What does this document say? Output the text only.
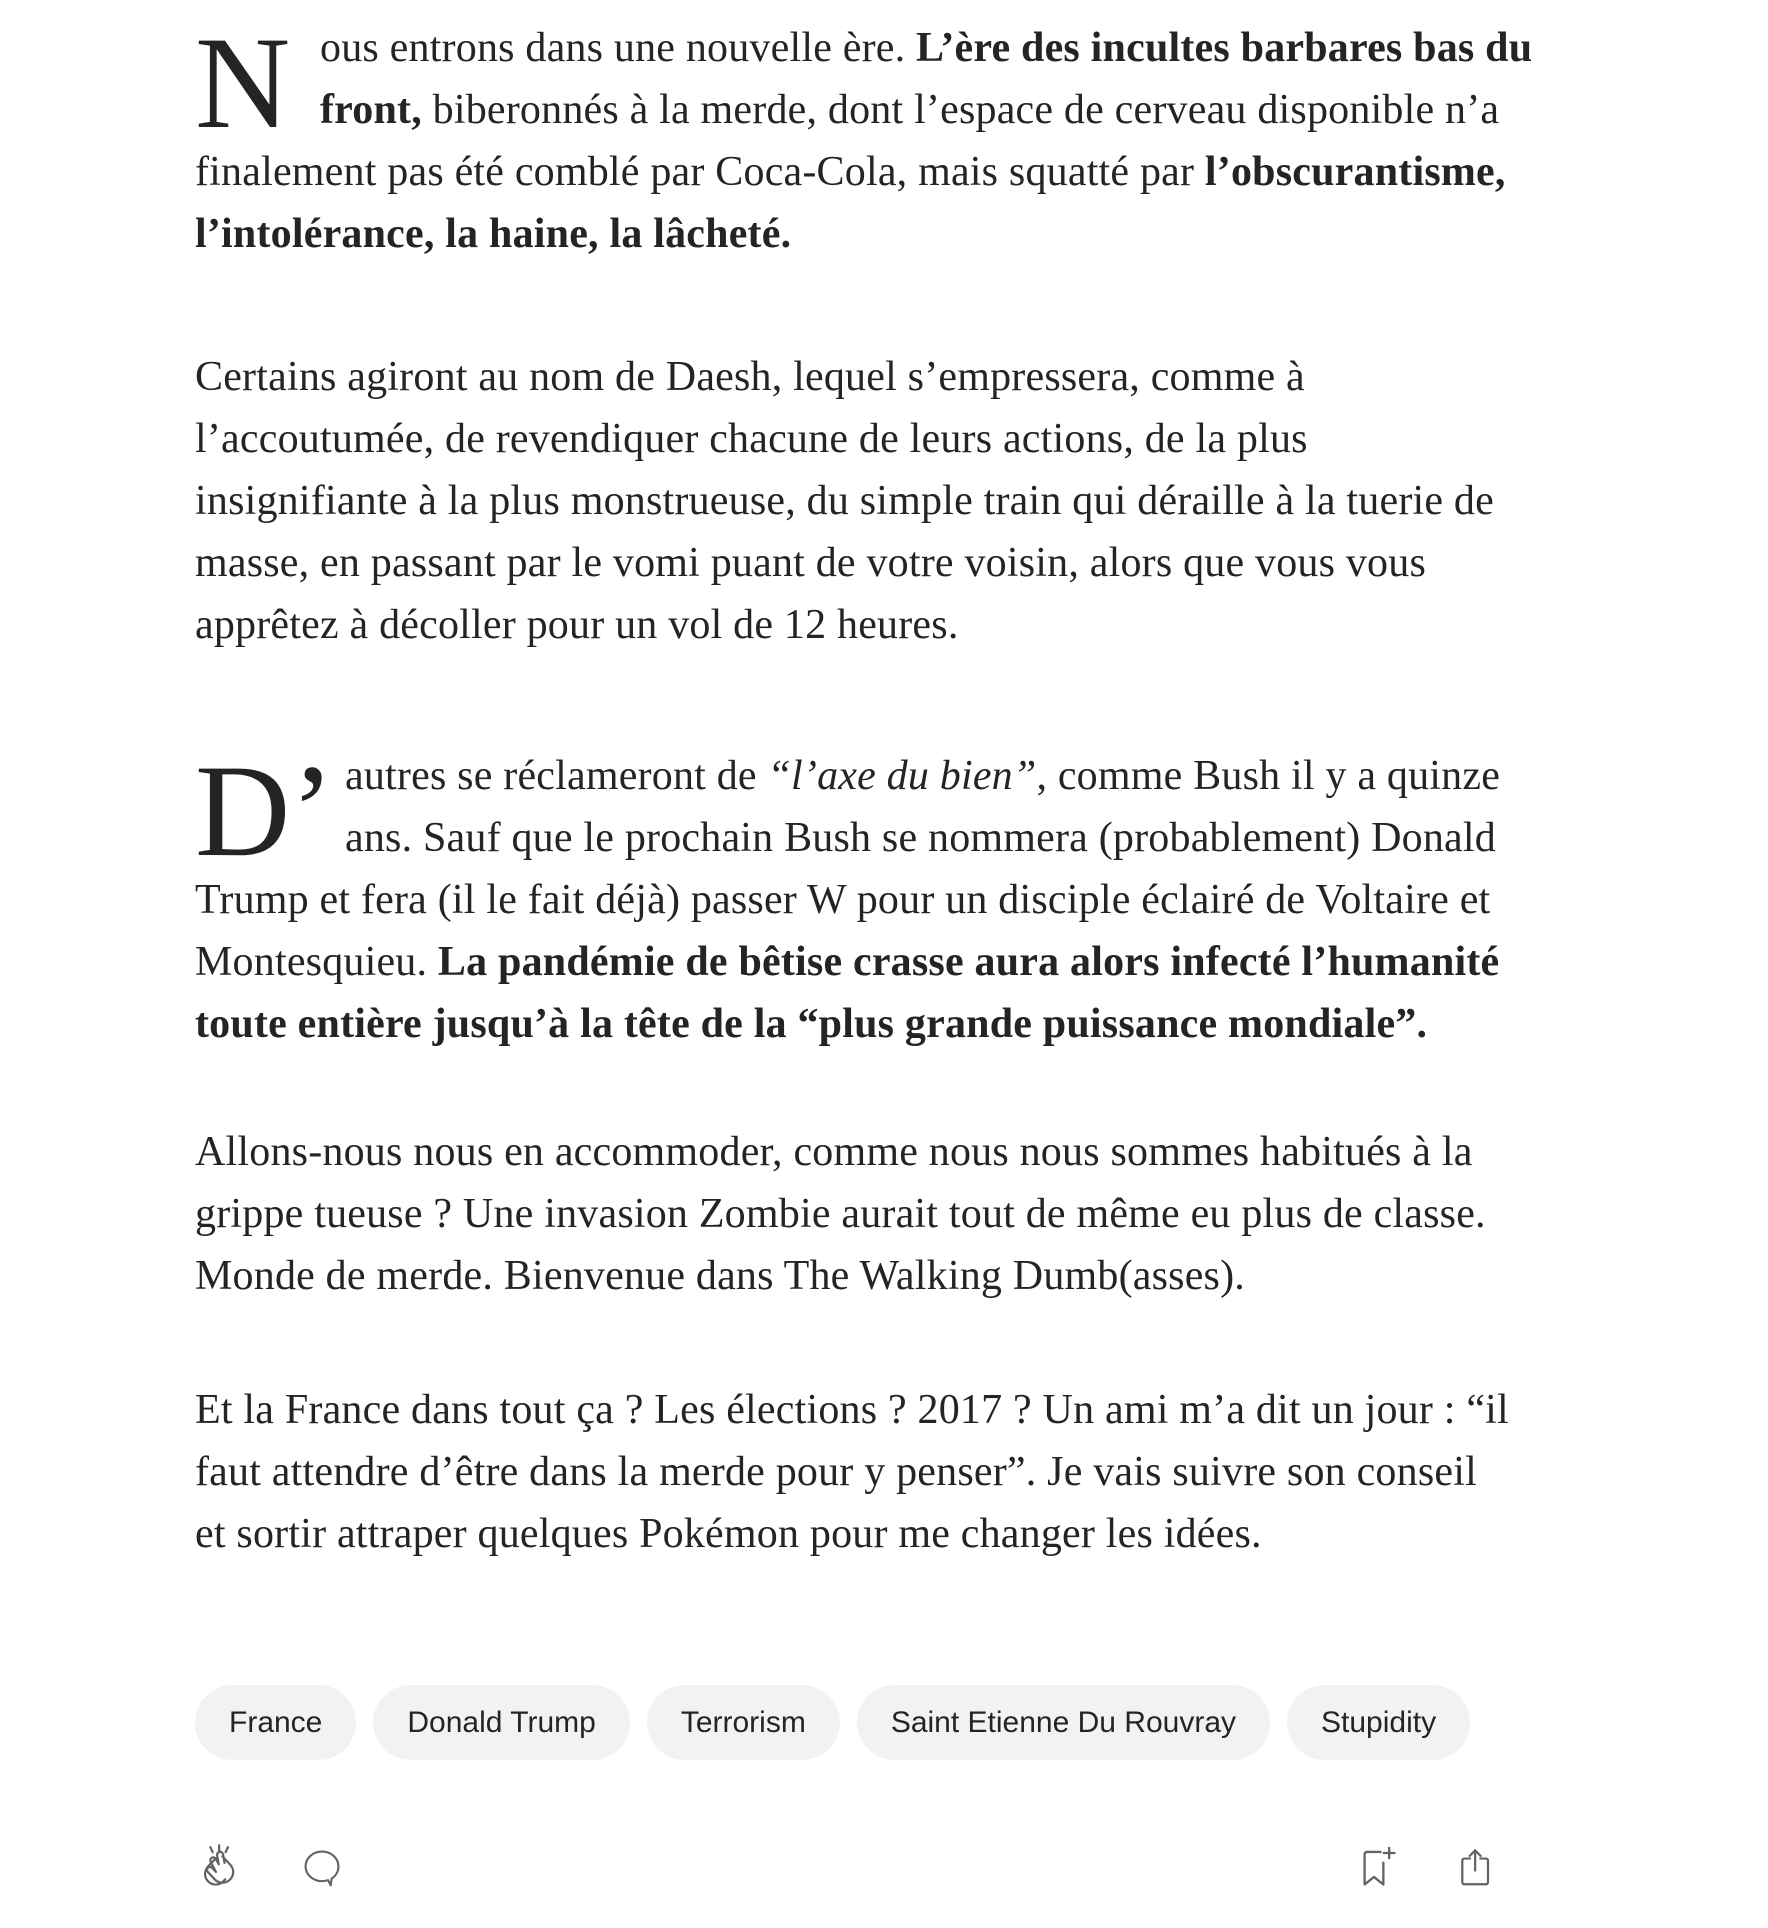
N ous entrons dans une nouvelle ère. L’ère des incultes barbares bas du
front, biberonnés à la merde, dont l’espace de cerveau disponible n’a
finalement pas été comblé par Coca-Cola, mais squatté par l’obscurantisme,
l’intolérance, la haine, la lâcheté.
Certains agiront au nom de Daesh, lequel s’empressera, comme à
l’accoutumée, de revendiquer chacune de leurs actions, de la plus
insignifiante à la plus monstrueuse, du simple train qui déraille à la tuerie de
masse, en passant par le vomi puant de votre voisin, alors que vous vous
apprêtez à décoller pour un vol de 12 heures.
D’ autres se réclameront de “l’axe du bien”, comme Bush il y a quinze
ans. Sauf que le prochain Bush se nommera (probablement) Donald
Trump et fera (il le fait déjà) passer W pour un disciple éclairé de Voltaire et
Montesquieu. La pandémie de bêtise crasse aura alors infecté l’humanité
toute entière jusqu’à la tête de la “plus grande puissance mondiale”.
Allons-nous nous en accommoder, comme nous nous sommes habitués à la
grippe tueuse ? Une invasion Zombie aurait tout de même eu plus de classe.
Monde de merde. Bienvenue dans The Walking Dumb(asses).
Et la France dans tout ça ? Les élections ? 2017 ? Un ami m’a dit un jour : “il
faut attendre d’être dans la merde pour y penser”. Je vais suivre son conseil
et sortir attraper quelques Pokémon pour me changer les idées.
France	Donald Trump	Terrorism	Saint Etienne Du Rouvray	Stupidity
